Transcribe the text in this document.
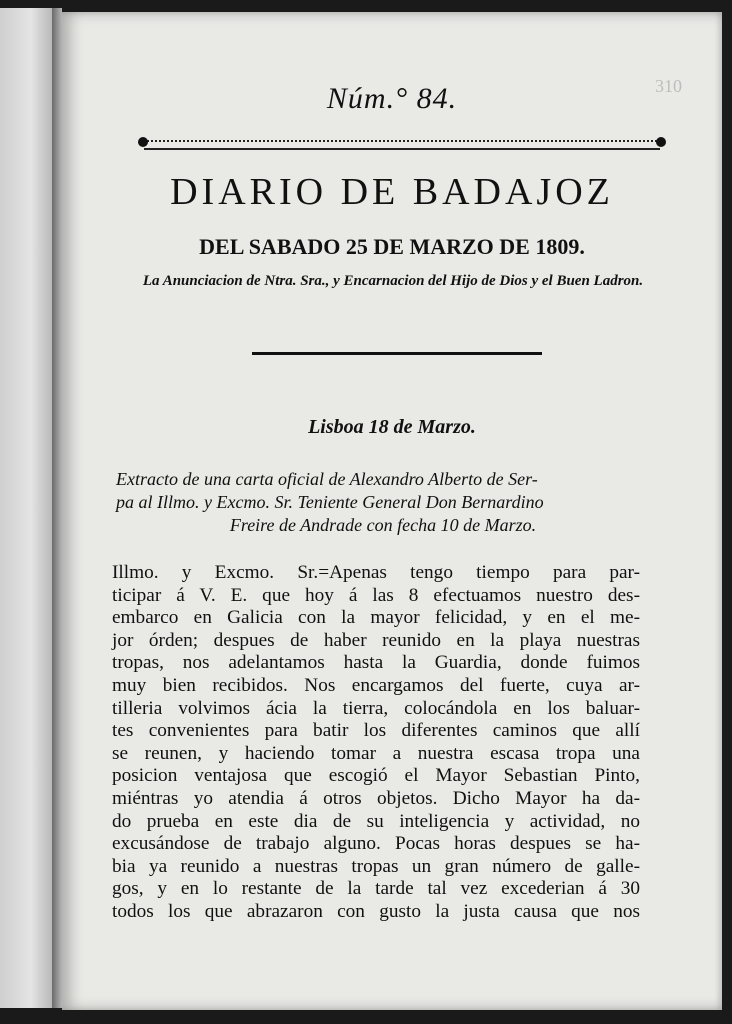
310
Núm.° 84.
DIARIO DE BADAJOZ
DEL SABADO 25 DE MARZO DE 1809.
La Anunciacion de Ntra. Sra., y Encarnacion del Hijo de Dios y el Buen Ladron.
Lisboa 18 de Marzo.
Extracto de una carta oficial de Alexandro Alberto de Ser-
pa al Illmo. y Excmo. Sr. Teniente General Don Bernardino
Freire de Andrade con fecha 10 de Marzo.
Illmo. y Excmo. Sr.=Apenas tengo tiempo para par-
ticipar á V. E. que hoy á las 8 efectuamos nuestro des-
embarco en Galicia con la mayor felicidad, y en el me-
jor órden; despues de haber reunido en la playa nuestras
tropas, nos adelantamos hasta la Guardia, donde fuimos
muy bien recibidos. Nos encargamos del fuerte, cuya ar-
tilleria volvimos ácia la tierra, colocándola en los baluar-
tes convenientes para batir los diferentes caminos que allí
se reunen, y haciendo tomar a nuestra escasa tropa una
posicion ventajosa que escogió el Mayor Sebastian Pinto,
miéntras yo atendia á otros objetos. Dicho Mayor ha da-
do prueba en este dia de su inteligencia y actividad, no
excusándose de trabajo alguno. Pocas horas despues se ha-
bia ya reunido a nuestras tropas un gran número de galle-
gos, y en lo restante de la tarde tal vez excederian á 30
todos los que abrazaron con gusto la justa causa que nos
